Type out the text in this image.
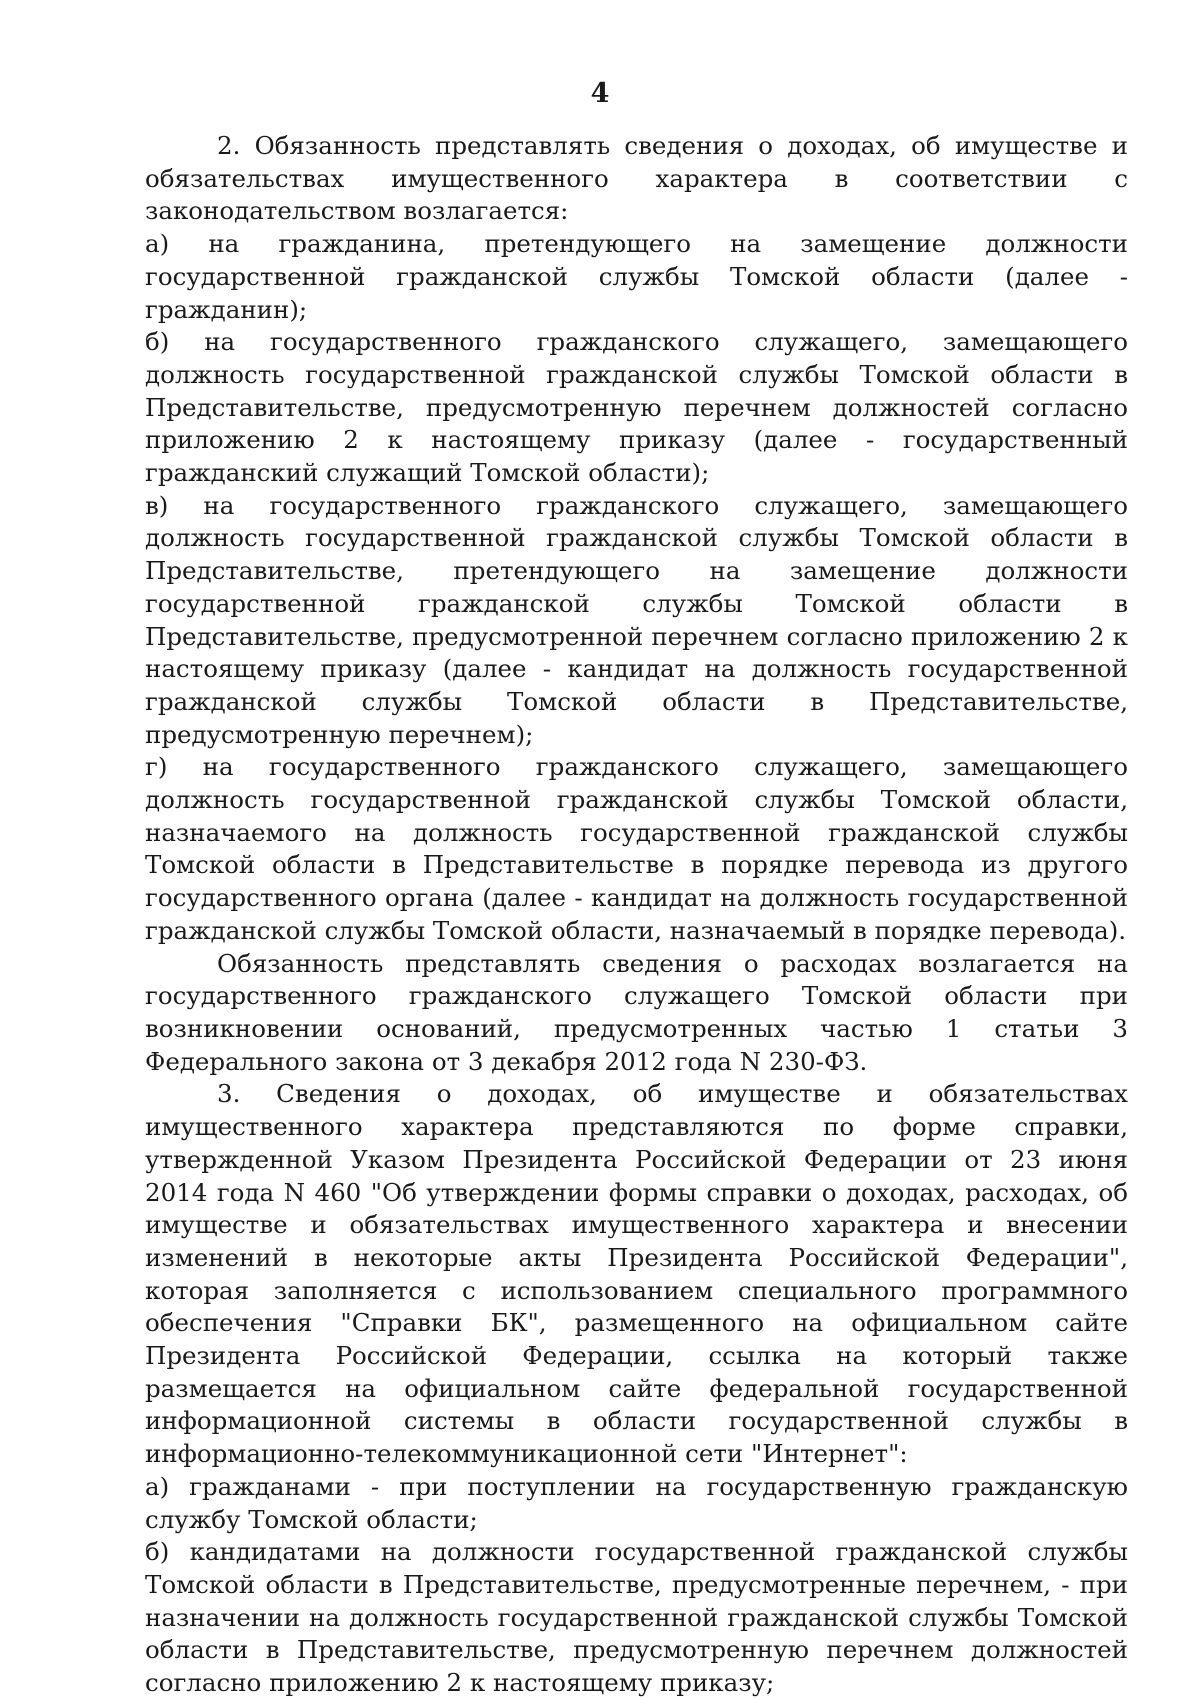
4

2. Обязанность представлять сведения о доходах, об имуществе и обязательствах имущественного характера в соответствии с законодательством возлагается:

а) на гражданина, претендующего на замещение должности государственной гражданской службы Томской области (далее - гражданин);

б) на государственного гражданского служащего, замещающего должность государственной гражданской службы Томской области в Представительстве, предусмотренную перечнем должностей согласно приложению 2 к настоящему приказу (далее - государственный гражданский служащий Томской области);

в) на государственного гражданского служащего, замещающего должность государственной гражданской службы Томской области в Представительстве, претендующего на замещение должности государственной гражданской службы Томской области в Представительстве, предусмотренной перечнем согласно приложению 2 к настоящему приказу (далее - кандидат на должность государственной гражданской службы Томской области в Представительстве, предусмотренную перечнем);

г) на государственного гражданского служащего, замещающего должность государственной гражданской службы Томской области, назначаемого на должность государственной гражданской службы Томской области в Представительстве в порядке перевода из другого государственного органа (далее - кандидат на должность государственной гражданской службы Томской области, назначаемый в порядке перевода).

Обязанность представлять сведения о расходах возлагается на государственного гражданского служащего Томской области при возникновении оснований, предусмотренных частью 1 статьи 3 Федерального закона от 3 декабря 2012 года N 230-ФЗ.

3. Сведения о доходах, об имуществе и обязательствах имущественного характера представляются по форме справки, утвержденной Указом Президента Российской Федерации от 23 июня 2014 года N 460 "Об утверждении формы справки о доходах, расходах, об имуществе и обязательствах имущественного характера и внесении изменений в некоторые акты Президента Российской Федерации", которая заполняется с использованием специального программного обеспечения "Справки БК", размещенного на официальном сайте Президента Российской Федерации, ссылка на который также размещается на официальном сайте федеральной государственной информационной системы в области государственной службы в информационно-телекоммуникационной сети "Интернет":

а) гражданами - при поступлении на государственную гражданскую службу Томской области;

б) кандидатами на должности государственной гражданской службы Томской области в Представительстве, предусмотренные перечнем, - при назначении на должность государственной гражданской службы Томской области в Представительстве, предусмотренную перечнем должностей согласно приложению 2 к настоящему приказу;
